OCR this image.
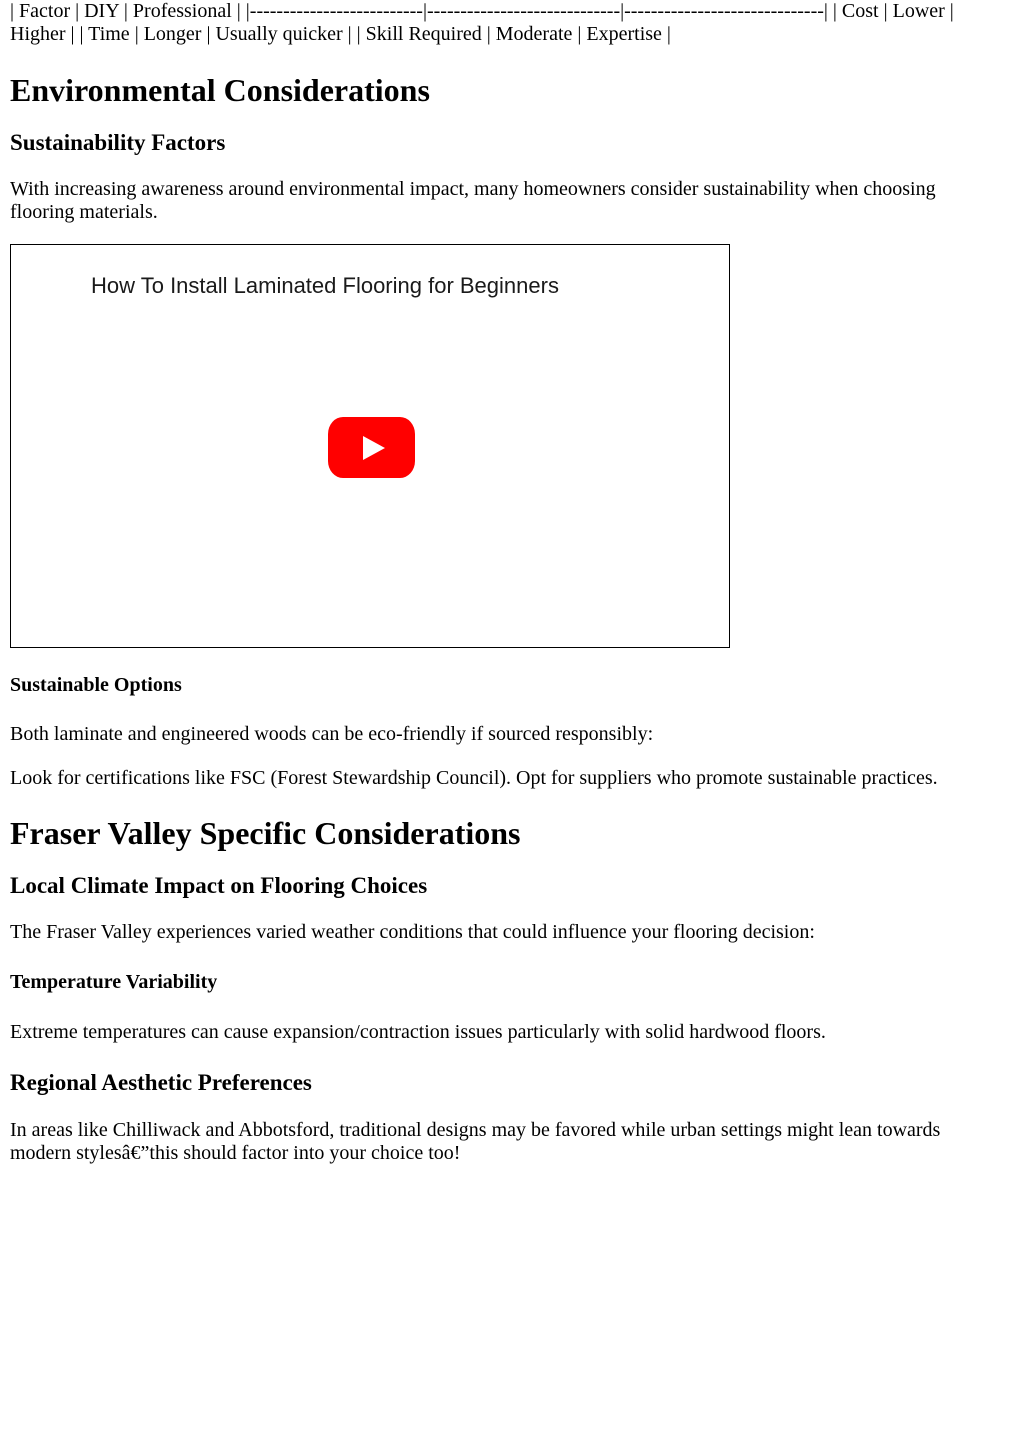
| Factor | DIY | Professional | |--------------------------|-----------------------------|------------------------------| | Cost | Lower | Higher | | Time | Longer | Usually quicker | | Skill Required | Moderate | Expertise |

Environmental Considerations
Sustainability Factors

With increasing awareness around environmental impact, many homeowners consider sustainability when choosing flooring materials.

How To Install Laminated Flooring for Beginners
Sustainable Options

Both laminate and engineered woods can be eco-friendly if sourced responsibly:

Look for certifications like FSC (Forest Stewardship Council). Opt for suppliers who promote sustainable practices.

Fraser Valley Specific Considerations
Local Climate Impact on Flooring Choices

The Fraser Valley experiences varied weather conditions that could influence your flooring decision:

Temperature Variability

Extreme temperatures can cause expansion/contraction issues particularly with solid hardwood floors.

Regional Aesthetic Preferences

In areas like Chilliwack and Abbotsford, traditional designs may be favored while urban settings might lean towards modern stylesâ€”this should factor into your choice too!
